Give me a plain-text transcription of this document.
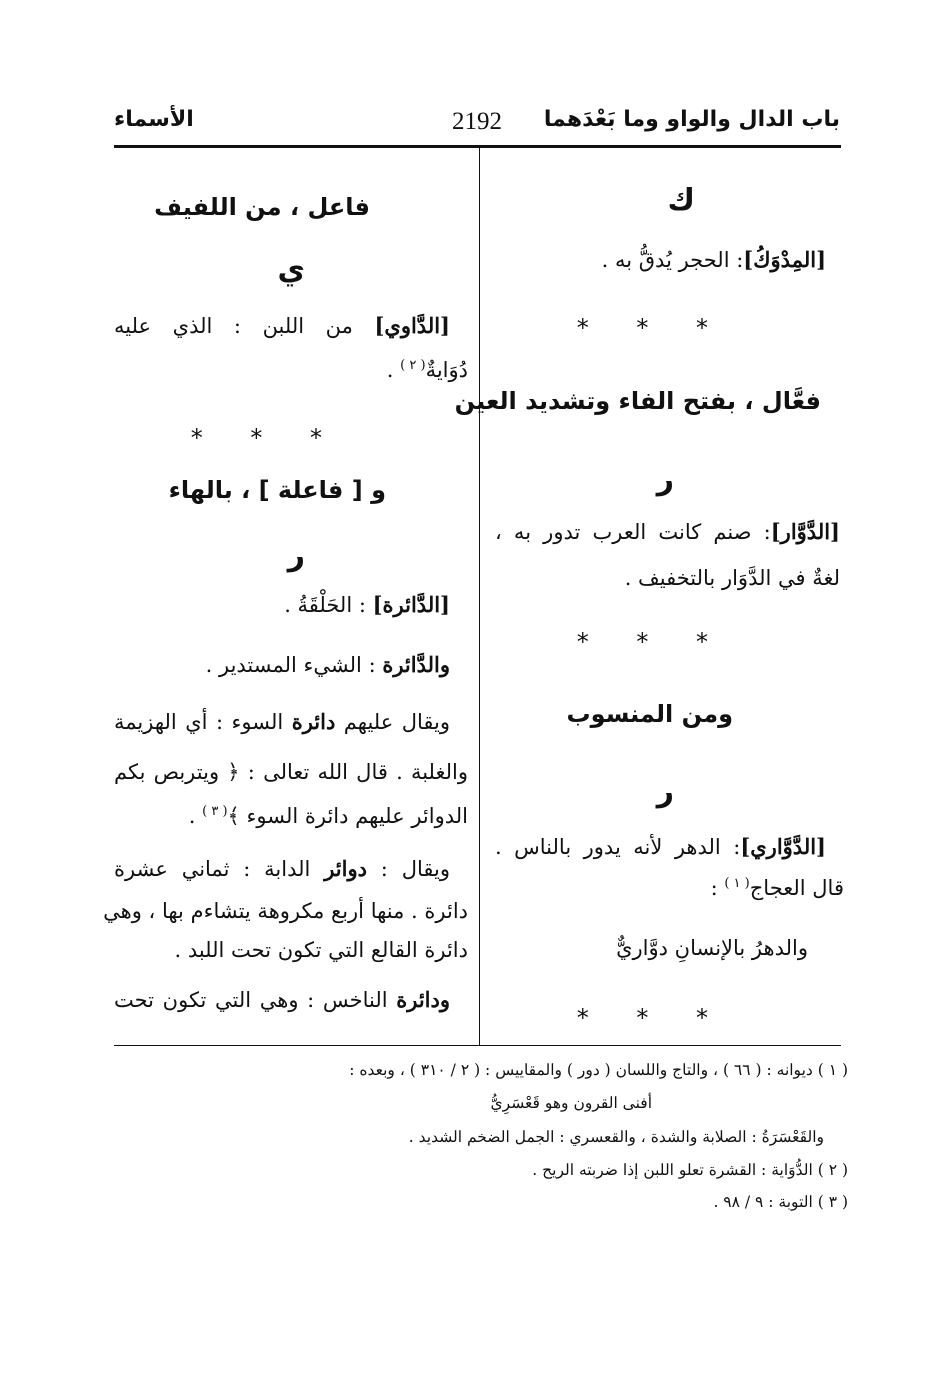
باب الدال والواو وما بَعْدَهما
2192
الأسماء
ك
[المِدْوَكُ]: الحجر يُدقُّ به .
* * *
فعَّال ، بفتح الفاء وتشديد العين
ر
[الدَّوَّار]: صنم كانت العرب تدور به ،
لغةٌ في الدَّوَار بالتخفيف .
* * *
ومن المنسوب
ر
[الدَّوَّاري]: الدهر لأنه يدور بالناس .
قال العجاج$^{( ١ )}$ :
والدهرُ بالإنسانِ دوَّاريٌّ
* * *
فاعل ، من اللفيف
ي
[الدَّاوي] من اللبن : الذي عليه
دُوَايةٌ$^{( ٢ )}$ .
* * *
و [ فاعلة ] ، بالهاء
ر
[الدَّائرة] : الحَلْقَةُ .
والدَّائرة : الشيء المستدير .
ويقال عليهم دائرة السوء : أي الهزيمة
والغلبة . قال الله تعالى : ﴿ ويتربص بكم
الدوائر عليهم دائرة السوء ﴾$^{( ٣ )}$ .
ويقال : دوائر الدابة : ثماني عشرة
دائرة . منها أربع مكروهة يتشاءم بها ، وهي
دائرة القالع التي تكون تحت اللبد .
ودائرة الناخس : وهي التي تكون تحت
( ١ ) ديوانه : ( ٦٦ ) ، والتاج واللسان ( دور ) والمقاييس : ( ٢ / ٣١٠ ) ، وبعده :
أفنى القرون وهو قَعْسَرِيُّ
والقَعْسَرَةُ : الصلابة والشدة ، والقعسري : الجمل الضخم الشديد .
( ٢ ) الدُّوَاية : القشرة تعلو اللبن إذا ضربته الريح .
( ٣ ) التوبة : ٩ / ٩٨ .
